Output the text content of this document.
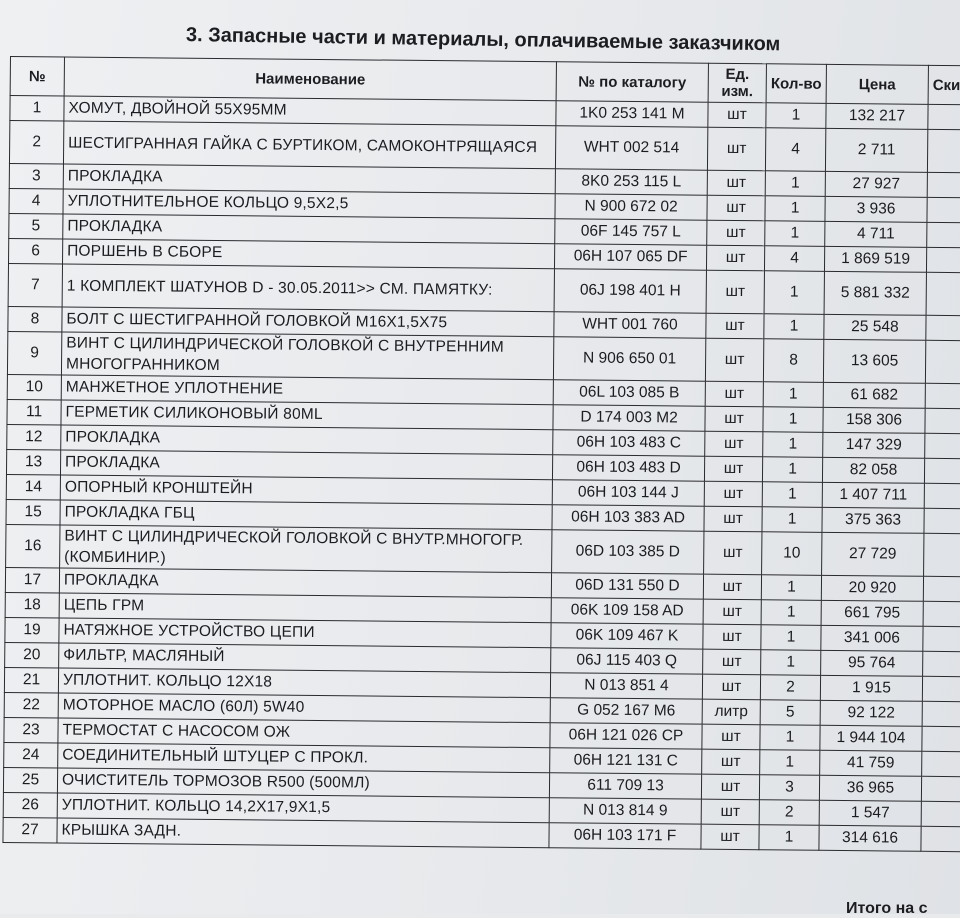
3. Запасные части и материалы, оплачиваемые заказчиком
№	Наименование	№ по каталогу	Ед. изм.	Кол-во	Цена	Ски
1	ХОМУТ, ДВОЙНОЙ 55Х95ММ	1K0 253 141 M	шт	1	132 217	
2	ШЕСТИГРАННАЯ ГАЙКА С БУРТИКОМ, САМОКОНТРЯЩАЯСЯ	WHT 002 514	шт	4	2 711	
3	ПРОКЛАДКА	8K0 253 115 L	шт	1	27 927	
4	УПЛОТНИТЕЛЬНОЕ КОЛЬЦО 9,5Х2,5	N 900 672 02	шт	1	3 936	
5	ПРОКЛАДКА	06F 145 757 L	шт	1	4 711	
6	ПОРШЕНЬ В СБОРЕ	06H 107 065 DF	шт	4	1 869 519	
7	1 КОМПЛЕКТ ШАТУНОВ D - 30.05.2011>> СМ. ПАМЯТКУ:	06J 198 401 H	шт	1	5 881 332	
8	БОЛТ С ШЕСТИГРАННОЙ ГОЛОВКОЙ М16Х1,5Х75	WHT 001 760	шт	1	25 548	
9	ВИНТ С ЦИЛИНДРИЧЕСКОЙ ГОЛОВКОЙ С ВНУТРЕННИМ МНОГОГРАННИКОМ	N 906 650 01	шт	8	13 605	
10	МАНЖЕТНОЕ УПЛОТНЕНИЕ	06L 103 085 B	шт	1	61 682	
11	ГЕРМЕТИК СИЛИКОНОВЫЙ 80ML	D 174 003 M2	шт	1	158 306	
12	ПРОКЛАДКА	06H 103 483 C	шт	1	147 329	
13	ПРОКЛАДКА	06H 103 483 D	шт	1	82 058	
14	ОПОРНЫЙ КРОНШТЕЙН	06H 103 144 J	шт	1	1 407 711	
15	ПРОКЛАДКА ГБЦ	06H 103 383 AD	шт	1	375 363	
16	ВИНТ С ЦИЛИНДРИЧЕСКОЙ ГОЛОВКОЙ С ВНУТР.МНОГОГР. (КОМБИНИР.)	06D 103 385 D	шт	10	27 729	
17	ПРОКЛАДКА	06D 131 550 D	шт	1	20 920	
18	ЦЕПЬ ГРМ	06K 109 158 AD	шт	1	661 795	
19	НАТЯЖНОЕ УСТРОЙСТВО ЦЕПИ	06K 109 467 K	шт	1	341 006	
20	ФИЛЬТР, МАСЛЯНЫЙ	06J 115 403 Q	шт	1	95 764	
21	УПЛОТНИТ. КОЛЬЦО 12Х18	N 013 851 4	шт	2	1 915	
22	МОТОРНОЕ МАСЛО (60Л) 5W40	G 052 167 M6	литр	5	92 122	
23	ТЕРМОСТАТ С НАСОСОМ ОЖ	06H 121 026 CP	шт	1	1 944 104	
24	СОЕДИНИТЕЛЬНЫЙ ШТУЦЕР С ПРОКЛ.	06H 121 131 C	шт	1	41 759	
25	ОЧИСТИТЕЛЬ ТОРМОЗОВ R500 (500МЛ)	611 709 13	шт	3	36 965	
26	УПЛОТНИТ. КОЛЬЦО 14,2Х17,9Х1,5	N 013 814 9	шт	2	1 547	
27	КРЫШКА ЗАДН.	06H 103 171 F	шт	1	314 616	
Итого на с
